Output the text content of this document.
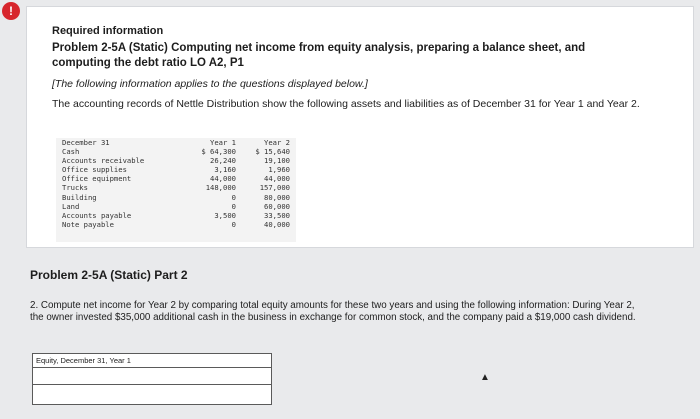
!
Required information
Problem 2-5A (Static) Computing net income from equity analysis, preparing a balance sheet, and computing the debt ratio LO A2, P1
[The following information applies to the questions displayed below.]
The accounting records of Nettle Distribution show the following assets and liabilities as of December 31 for Year 1 and Year 2.
December 31	Year 1	Year 2
Cash	$ 64,300	$ 15,640
Accounts receivable	26,240	19,100
Office supplies	3,160	1,960
Office equipment	44,000	44,000
Trucks	148,000	157,000
Building	0	80,000
Land	0	60,000
Accounts payable	3,500	33,500
Note payable	0	40,000
Problem 2-5A (Static) Part 2
2. Compute net income for Year 2 by comparing total equity amounts for these two years and using the following information: During Year 2, the owner invested $35,000 additional cash in the business in exchange for common stock, and the company paid a $19,000 cash dividend.
Equity, December 31, Year 1
▲
